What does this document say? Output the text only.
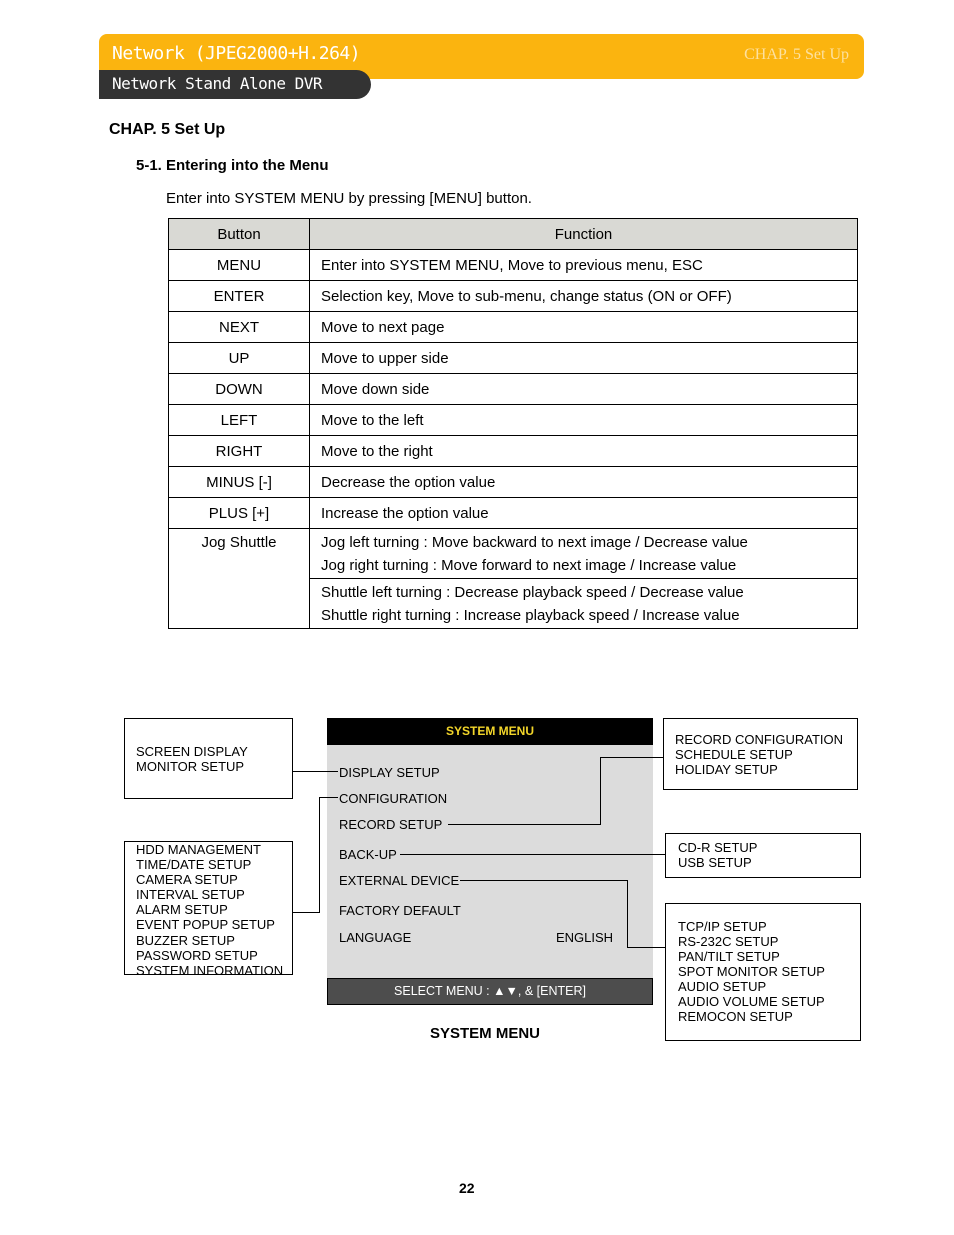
Network (JPEG2000+H.264)	CHAP. 5 Set Up
Network Stand Alone DVR
CHAP. 5 Set Up
5-1. Entering into the Menu
Enter into SYSTEM MENU by pressing [MENU] button.
Button	Function
MENU	Enter into SYSTEM MENU, Move to previous menu, ESC
ENTER	Selection key, Move to sub-menu, change status (ON or OFF)
NEXT	Move to next page
UP	Move to upper side
DOWN	Move down side
LEFT	Move to the left
RIGHT	Move to the right
MINUS [-]	Decrease the option value
PLUS [+]	Increase the option value
Jog Shuttle	Jog left turning : Move backward to next image / Decrease value
Jog right turning : Move forward to next image / Increase value

	Shuttle left turning : Decrease playback speed / Decrease value
Shuttle right turning : Increase playback speed / Increase value
SYSTEM MENU
DISPLAY SETUP
CONFIGURATION
RECORD SETUP
BACK-UP
EXTERNAL DEVICE
FACTORY DEFAULT
LANGUAGE	ENGLISH
SELECT MENU : ▲▼, & [ENTER]
SYSTEM MENU
SCREEN DISPLAY
MONITOR SETUP
HDD MANAGEMENT
TIME/DATE SETUP
CAMERA SETUP
INTERVAL SETUP
ALARM SETUP
EVENT POPUP SETUP
BUZZER SETUP
PASSWORD SETUP
SYSTEM INFORMATION
RECORD CONFIGURATION
SCHEDULE SETUP
HOLIDAY SETUP
CD-R SETUP
USB SETUP
TCP/IP SETUP
RS-232C SETUP
PAN/TILT SETUP
SPOT MONITOR SETUP
AUDIO SETUP
AUDIO VOLUME SETUP
REMOCON SETUP
22
